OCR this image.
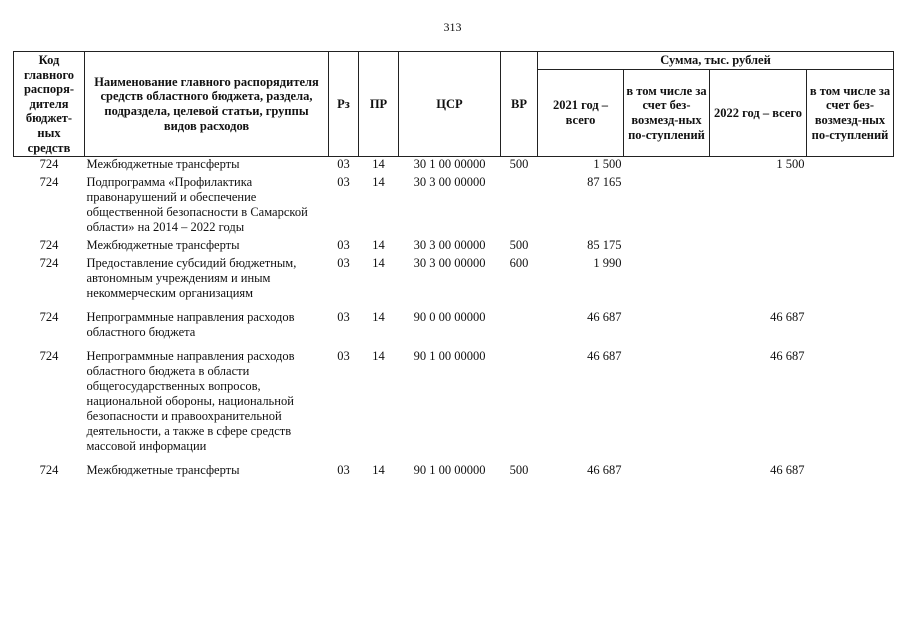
313
Код главного распоря-дителя бюджет-ных средств	Наименование главного распорядителя средств областного бюджета, раздела, подраздела, целевой статьи, группы видов расходов	Рз	ПР	ЦСР	ВР	Сумма, тыс. рублей			
						2021 год – всего	в том числе за счет без-возмезд-ных по-ступлений	2022 год – всего	в том числе за счет без-возмезд-ных по-ступлений
724	Межбюджетные трансферты	03	14	30 1 00 00000	500	1 500		1 500	
724	Подпрограмма «Профилактика правонарушений и обеспечение общественной безопасности в Самарской области» на 2014 – 2022 годы	03	14	30 3 00 00000		87 165			
724	Межбюджетные трансферты	03	14	30 3 00 00000	500	85 175			
724	Предоставление субсидий бюджетным, автономным учреждениям и иным некоммерческим организациям	03	14	30 3 00 00000	600	1 990			
724	Непрограммные направления расходов областного бюджета	03	14	90 0 00 00000		46 687		46 687	
724	Непрограммные направления расходов областного бюджета в области общегосударственных вопросов, национальной обороны, национальной безопасности и правоохранительной деятельности, а также в сфере средств массовой информации	03	14	90 1 00 00000		46 687		46 687	
724	Межбюджетные трансферты	03	14	90 1 00 00000	500	46 687		46 687	
